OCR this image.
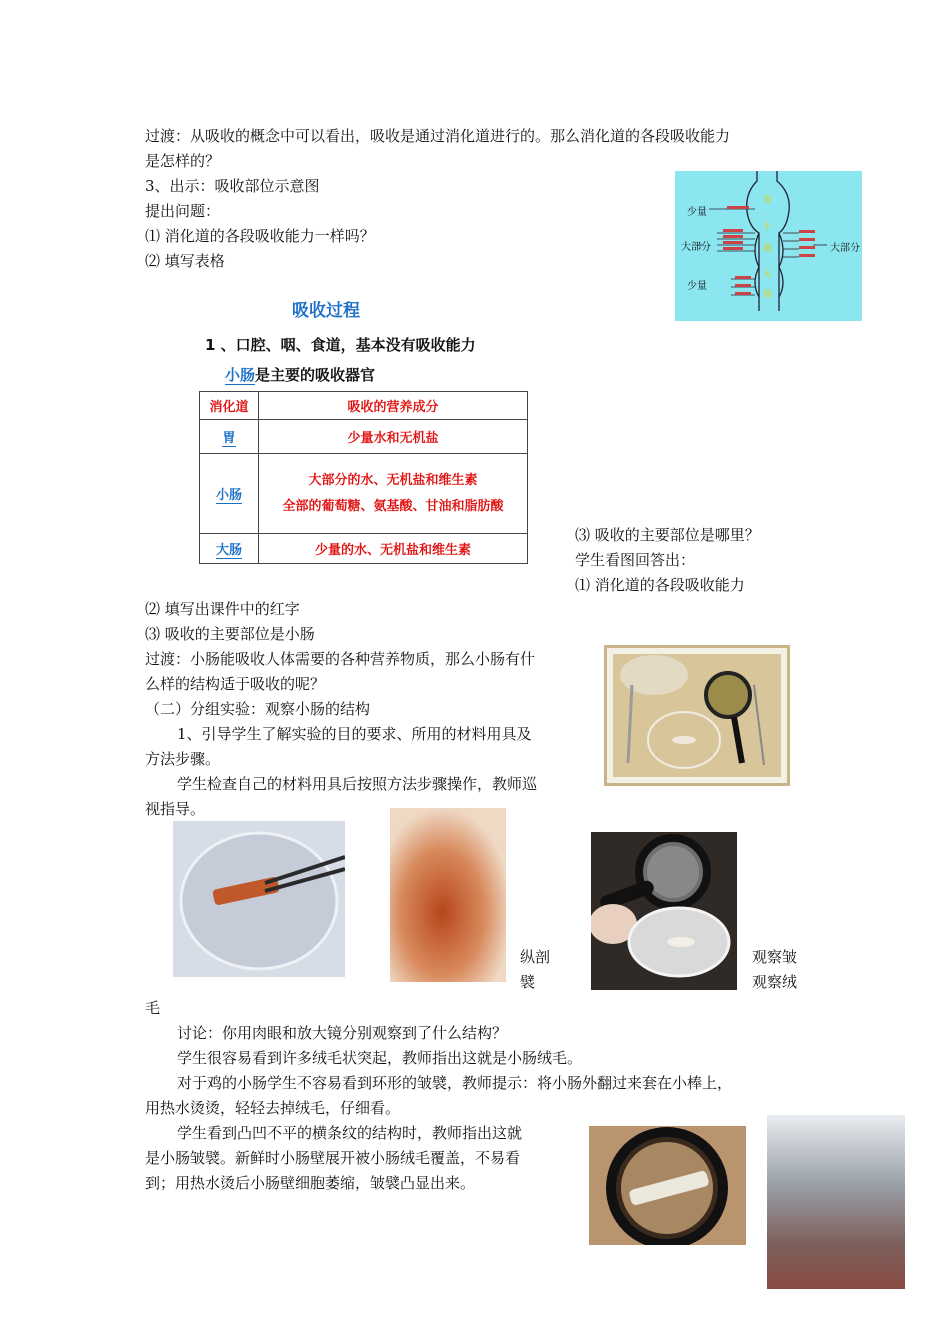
过渡：从吸收的概念中可以看出，吸收是通过消化道进行的。那么消化道的各段吸收能力
是怎样的？
3、出示：吸收部位示意图
提出问题：
⑴ 消化道的各段吸收能力一样吗？
⑵ 填写表格
少量
大部分
少量
大部分
胃
小
肠
大
肠
吸收过程
1 、口腔、咽、食道，基本没有吸收能力
小肠是主要的吸收器官
消化道	吸收的营养成分
胃	少量水和无机盐
小肠	大部分的水、无机盐和维生素
全部的葡萄糖、氨基酸、甘油和脂肪酸

大肠	少量的水、无机盐和维生素
⑶ 吸收的主要部位是哪里？
学生看图回答出：
⑴ 消化道的各段吸收能力
⑵ 填写出课件中的红字
⑶ 吸收的主要部位是小肠
过渡：小肠能吸收人体需要的各种营养物质，那么小肠有什
么样的结构适于吸收的呢？
（二）分组实验：观察小肠的结构
1、引导学生了解实验的目的要求、所用的材料用具及
方法步骤。
学生检查自己的材料用具后按照方法步骤操作，教师巡
视指导。
纵剖
襞
观察皱
观察绒
毛
讨论：你用肉眼和放大镜分别观察到了什么结构？
学生很容易看到许多绒毛状突起，教师指出这就是小肠绒毛。
对于鸡的小肠学生不容易看到环形的皱襞，教师提示：将小肠外翻过来套在小棒上，
用热水烫烫，轻轻去掉绒毛，仔细看。
学生看到凸凹不平的横条纹的结构时，教师指出这就
是小肠皱襞。新鲜时小肠壁展开被小肠绒毛覆盖，不易看
到；用热水烫后小肠壁细胞萎缩，皱襞凸显出来。
